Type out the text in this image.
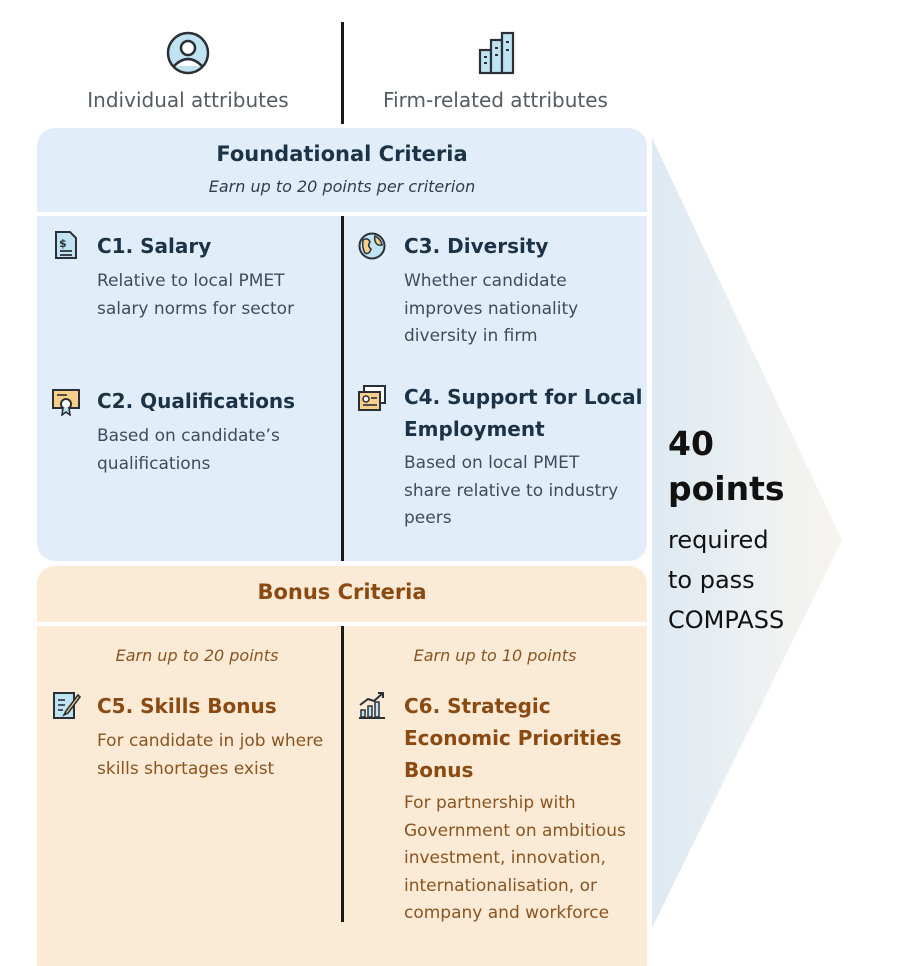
Individual attributes	Firm-related attributes
Foundational Criteria
Earn up to 20 points per criterion
$ C1. Salary
Relative to local PMET
salary norms for sector
C2. Qualifications
Based on candidate’s
qualifications
C3. Diversity
Whether candidate
improves nationality
diversity in firm
C4. Support for Local
Employment
Based on local PMET
share relative to industry
peers
Bonus Criteria
Earn up to 20 points	Earn up to 10 points
C5. Skills Bonus
For candidate in job where
skills shortages exist
C6. Strategic
Economic Priorities
Bonus
For partnership with
Government on ambitious
investment, innovation,
internationalisation, or
company and workforce
40
points
required
to pass
COMPASS
